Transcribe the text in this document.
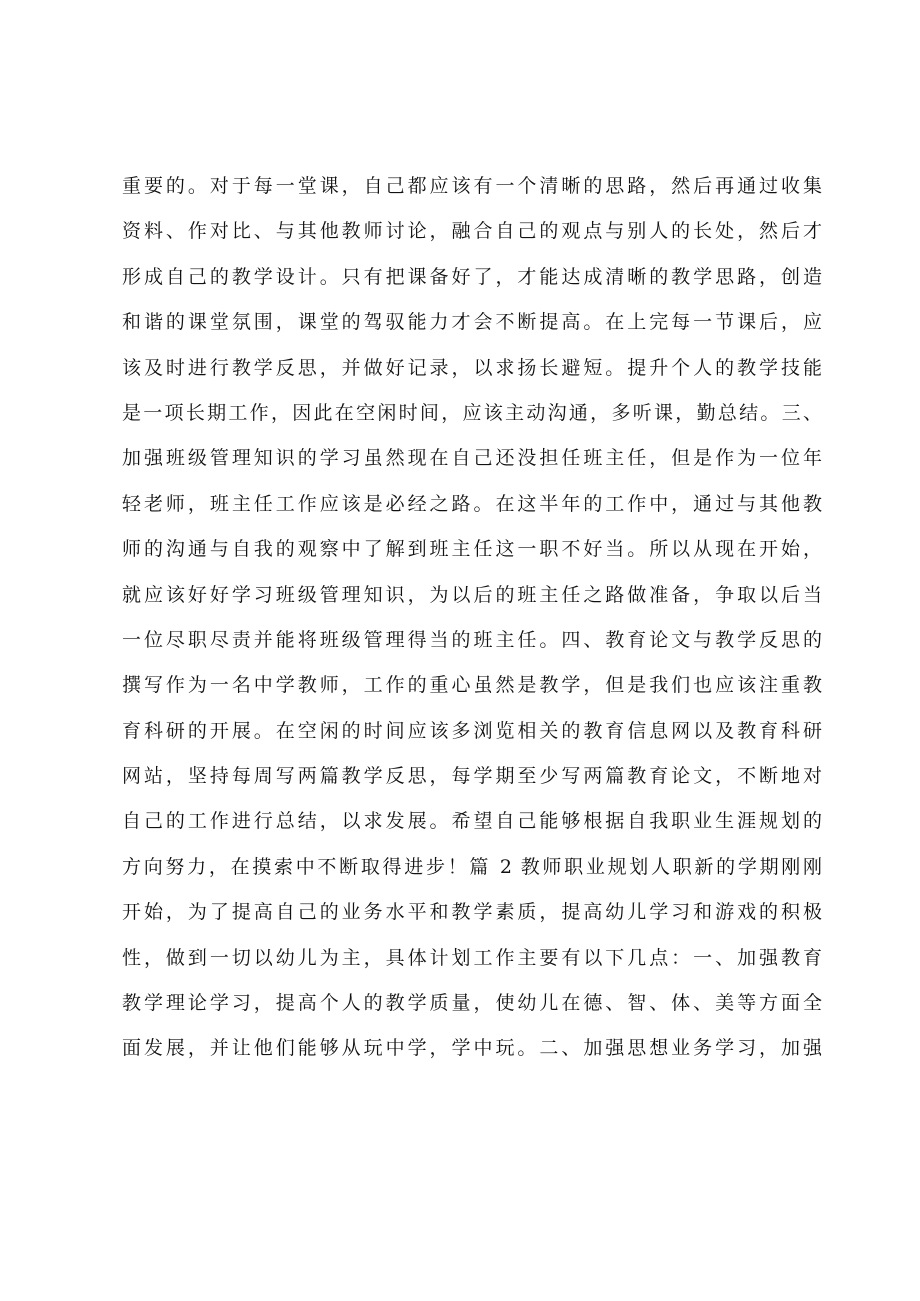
重要的。对于每一堂课，自己都应该有一个清晰的思路，然后再通过收集
资料、作对比、与其他教师讨论，融合自己的观点与别人的长处，然后才
形成自己的教学设计。只有把课备好了，才能达成清晰的教学思路，创造
和谐的课堂氛围，课堂的驾驭能力才会不断提高。在上完每一节课后，应
该及时进行教学反思，并做好记录，以求扬长避短。提升个人的教学技能
是一项长期工作，因此在空闲时间，应该主动沟通，多听课，勤总结。三、
加强班级管理知识的学习虽然现在自己还没担任班主任，但是作为一位年
轻老师，班主任工作应该是必经之路。在这半年的工作中，通过与其他教
师的沟通与自我的观察中了解到班主任这一职不好当。所以从现在开始，
就应该好好学习班级管理知识，为以后的班主任之路做准备，争取以后当
一位尽职尽责并能将班级管理得当的班主任。四、教育论文与教学反思的
撰写作为一名中学教师，工作的重心虽然是教学，但是我们也应该注重教
育科研的开展。在空闲的时间应该多浏览相关的教育信息网以及教育科研
网站，坚持每周写两篇教学反思，每学期至少写两篇教育论文，不断地对
自己的工作进行总结，以求发展。希望自己能够根据自我职业生涯规划的
方向努力，在摸索中不断取得进步！篇 2 教师职业规划人职新的学期刚刚
开始，为了提高自己的业务水平和教学素质，提高幼儿学习和游戏的积极
性，做到一切以幼儿为主，具体计划工作主要有以下几点：一、加强教育
教学理论学习，提高个人的教学质量，使幼儿在德、智、体、美等方面全
面发展，并让他们能够从玩中学，学中玩。二、加强思想业务学习，加强
